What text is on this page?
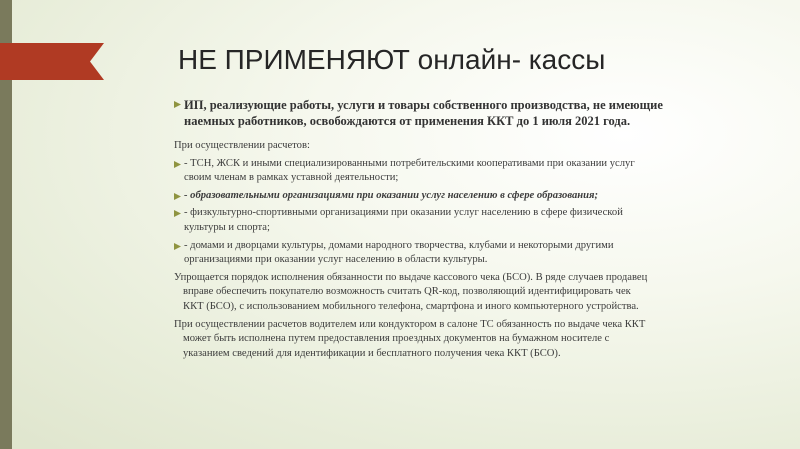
НЕ ПРИМЕНЯЮТ онлайн- кассы
ИП, реализующие работы, услуги и товары собственного производства, не имеющие
наемных работников, освобождаются от применения ККТ до 1 июля 2021 года.
При осуществлении расчетов:
- ТСН, ЖСК и иными специализированными потребительскими кооперативами при оказании услуг
своим членам в рамках уставной деятельности;
- образовательными организациями при оказании услуг населению в сфере образования;
- физкультурно-спортивными организациями при оказании услуг населению в сфере физической
культуры и спорта;
- домами и дворцами культуры, домами народного творчества, клубами и некоторыми другими
организациями при оказании услуг населению в области культуры.
Упрощается порядок исполнения обязанности по выдаче кассового чека (БСО). В ряде случаев продавец
вправе обеспечить покупателю возможность считать QR-код, позволяющий идентифицировать чек
ККТ (БСО), с использованием мобильного телефона, смартфона и иного компьютерного устройства.
При осуществлении расчетов водителем или кондуктором в салоне ТС обязанность по выдаче чека ККТ
может быть исполнена путем предоставления проездных документов на бумажном носителе с
указанием сведений для идентификации и бесплатного получения чека ККТ (БСО).
